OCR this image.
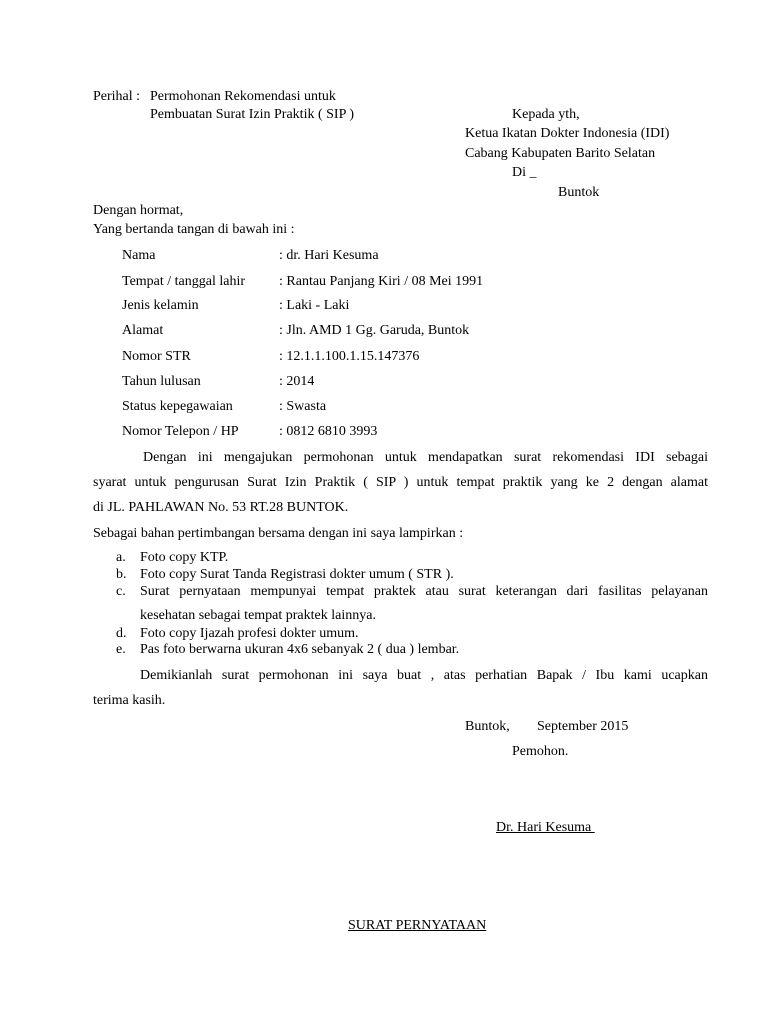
Perihal : Permohonan Rekomendasi untuk
Pembuatan Surat Izin Praktik ( SIP )	Kepada yth,
Ketua Ikatan Dokter Indonesia (IDI)
Cabang Kabupaten Barito Selatan
Di _
Buntok
Dengan hormat,
Yang bertanda tangan di bawah ini :
Nama	: dr. Hari Kesuma
Tempat / tanggal lahir : Rantau Panjang Kiri / 08 Mei 1991
Jenis kelamin	: Laki - Laki
Alamat	: Jln. AMD 1 Gg. Garuda, Buntok
Nomor STR	: 12.1.1.100.1.15.147376
Tahun lulusan	: 2014
Status kepegawaian	: Swasta
Nomor Telepon / HP	: 0812 6810 3993
Dengan ini mengajukan permohonan untuk mendapatkan surat rekomendasi IDI sebagai
syarat untuk pengurusan Surat Izin Praktik ( SIP ) untuk tempat praktik yang ke 2 dengan alamat
di JL. PAHLAWAN No. 53 RT.28 BUNTOK.
Sebagai bahan pertimbangan bersama dengan ini saya lampirkan :
a. Foto copy KTP.
b. Foto copy Surat Tanda Registrasi dokter umum ( STR ).
c. Surat pernyataan mempunyai tempat praktek atau surat keterangan dari fasilitas pelayanan
kesehatan sebagai tempat praktek lainnya.
d. Foto copy Ijazah profesi dokter umum.
e. Pas foto berwarna ukuran 4x6 sebanyak 2 ( dua ) lembar.
Demikianlah surat permohonan ini saya buat , atas perhatian Bapak / Ibu kami ucapkan
terima kasih.
Buntok, September 2015
Pemohon.
Dr. Hari Kesuma
SURAT PERNYATAAN
